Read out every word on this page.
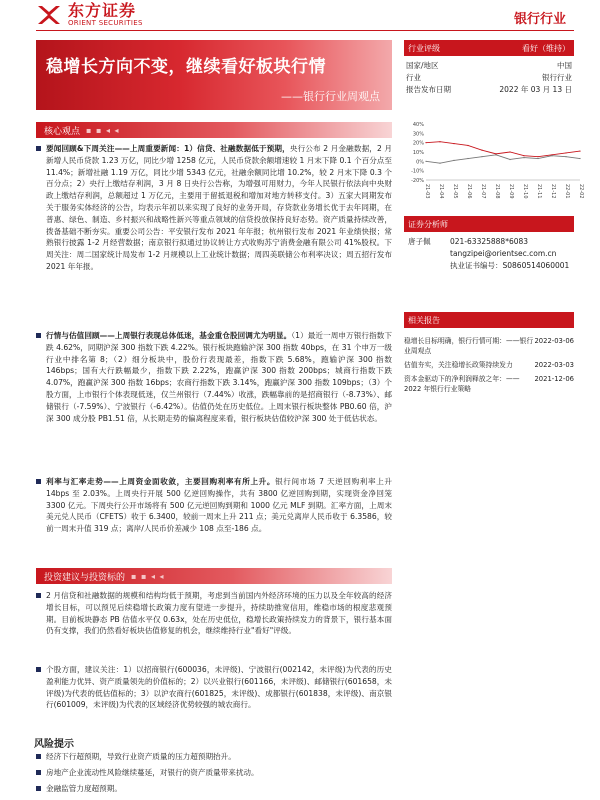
东方证券
ORIENT SECURITIES	银行行业
稳增长方向不变，继续看好板块行情
——银行行业周观点
行业评级	看好（维持）
国家/地区	中国
行业	银行行业
报告发布日期	2022 年 03 月 13 日
40%
30%
20%
10%
0%
-10%
-20%
21-03 21-04 21-05 21-06 21-07 21-08 21-09 21-10 21-11 21-12 22-01 22-02
证券分析师
唐子佩	021-63325888*6083
tangzipei@orientsec.com.cn
执业证书编号：S0860514060001
相关报告
稳增长目标明确，银行行情可期：——银行业周观点
2022-03-06
估值夯实，关注稳增长政策持续发力	2022-03-03
资本金驱动下的净利润释放之年：——2022 年银行行业策略
2021-12-06
核心观点 ▪ ▪ ◂ ◂
要闻回顾&下周关注——上周重要新闻：1）信贷、社融数据低于预期，央行公布 2 月金融数据，2 月新增人民币贷款 1.23 万亿，同比少增 1258 亿元，人民币贷款余额增速较 1 月末下降 0.1 个百分点至 11.4%；新增社融 1.19 万亿，同比少增 5343 亿元，社融余额同比增 10.2%，较 2 月末下降 0.3 个百分点；2）央行上缴结存利润，3 月 8 日央行公告称，为增强可用财力，今年人民银行依法向中央财政上缴结存利润，总额超过 1 万亿元，主要用于留抵退税和增加对地方转移支付。3）五家大同期发布关于服务实体经济的公告，均表示年初以来实现了良好的业务开局，存贷款业务增长优于去年同期，在普惠、绿色、制造、乡村振兴和战略性新兴等重点领域的信贷投放保持良好态势。资产质量持续改善，拨备基础不断夯实。重要公司公告：平安银行发布 2021 年年报；杭州银行发布 2021 年业绩快报；常熟银行披露 1-2 月经营数据；南京银行拟通过协议转让方式收购苏宁消费金融有限公司 41%股权。下周关注：周二国家统计局发布 1-2 月规模以上工业统计数据；周四美联储公布利率决议；周五招行发布 2021 年年报。
行情与估值回顾——上周银行表现总体低迷，基金重仓股回调尤为明显。（1）最近一周申万银行指数下跌 4.62%，同期沪深 300 指数下跌 4.22%。银行板块跑输沪深 300 指数 40bps，在 31 个申万一级行业中排名第 8；（2）细分板块中，股份行表现最差，指数下跌 5.68%，跑输沪深 300 指数 146bps；国有大行跌幅最少，指数下跌 2.22%，跑赢沪深 300 指数 200bps；城商行指数下跌 4.07%，跑赢沪深 300 指数 16bps；农商行指数下跌 3.14%，跑赢沪深 300 指数 109bps；（3）个股方面，上市银行个体表现低迷，仅兰州银行（7.44%）收涨，跌幅靠前的是招商银行（-8.73%）、邮储银行（-7.59%）、宁波银行（-6.42%）。估值仍处在历史低位。上周末银行板块整体 PB0.60 倍，沪深 300 成分股 PB1.51 倍，从长期走势的偏离程度来看，银行板块估值较沪深 300 处于低估状态。
利率与汇率走势——上周资金面收敛，主要回购利率有所上升。银行间市场 7 天逆回购利率上升 14bps 至 2.03%。上周央行开展 500 亿逆回购操作，共有 3800 亿逆回购到期，实现资金净回笼 3300 亿元。下周央行公开市场将有 500 亿元逆回购到期和 1000 亿元 MLF 到期。汇率方面，上周末美元兑人民币（CFETS）收于 6.3400，较前一周末上升 211 点；美元兑离岸人民币收于 6.3586，较前一周末升值 319 点；离岸/人民币价差减少 108 点至-186 点。
投资建议与投资标的 ▪ ▪ ◂ ◂
2 月信贷和社融数据的规模和结构均低于预期，考虑到当前国内外经济环境的压力以及全年较高的经济增长目标，可以预见后续稳增长政策力度有望进一步提升，持续助推宽信用，维稳市场的根度悲观预期。目前板块静态 PB 估值水平仅 0.63x，处在历史低位，稳增长政策持续发力的背景下，银行基本面仍有支撑，我们仍然看好板块估值修复的机会，继续维持行业"看好"评级。
个股方面，建议关注：1）以招商银行(600036，未评级)、宁波银行(002142，未评级)为代表的历史盈利能力优异、资产质量领先的价值标的；2）以兴业银行(601166，未评级)、邮储银行(601658，未评级)为代表的低估值标的；3）以沪农商行(601825，未评级)、成都银行(601838，未评级)、南京银行(601009，未评级)为代表的区域经济优势较强的城农商行。
风险提示
经济下行超预期，导致行业资产质量的压力超预期抬升。
房地产企业流动性风险继续蔓延，对银行的资产质量带来扰动。
金融监管力度超预期。
